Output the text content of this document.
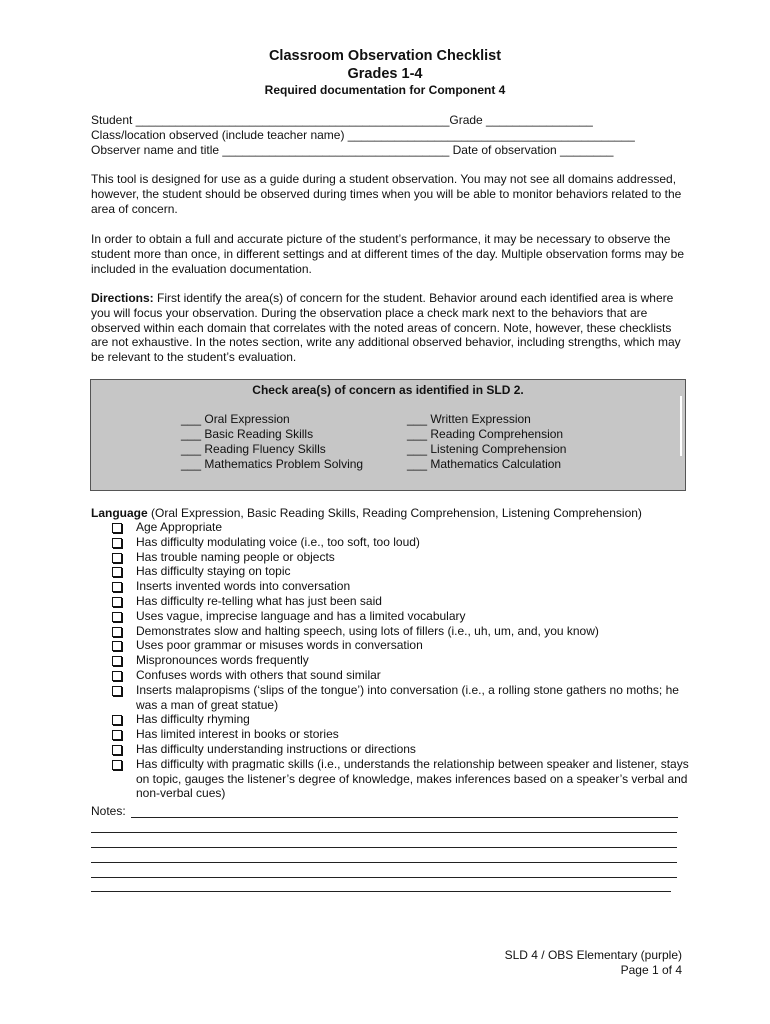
Classroom Observation Checklist
Grades 1-4
Required documentation for Component 4
Student _______________________________________________Grade ________________
Class/location observed (include teacher name) ___________________________________________
Observer name and title __________________________________ Date of observation ________
This tool is designed for use as a guide during a student observation. You may not see all domains addressed, however, the student should be observed during times when you will be able to monitor behaviors related to the area of concern.
In order to obtain a full and accurate picture of the student’s performance, it may be necessary to observe the student more than once, in different settings and at different times of the day. Multiple observation forms may be included in the evaluation documentation.
Directions: First identify the area(s) of concern for the student. Behavior around each identified area is where you will focus your observation. During the observation place a check mark next to the behaviors that are observed within each domain that correlates with the noted areas of concern. Note, however, these checklists are not exhaustive. In the notes section, write any additional observed behavior, including strengths, which may be relevant to the student’s evaluation.
Check area(s) of concern as identified in SLD 2.
___ Oral Expression
___ Basic Reading Skills
___ Reading Fluency Skills
___ Mathematics Problem Solving
___ Written Expression
___ Reading Comprehension
___ Listening Comprehension
___ Mathematics Calculation
Language (Oral Expression, Basic Reading Skills, Reading Comprehension, Listening Comprehension)
Age Appropriate
Has difficulty modulating voice (i.e., too soft, too loud)
Has trouble naming people or objects
Has difficulty staying on topic
Inserts invented words into conversation
Has difficulty re-telling what has just been said
Uses vague, imprecise language and has a limited vocabulary
Demonstrates slow and halting speech, using lots of fillers (i.e., uh, um, and, you know)
Uses poor grammar or misuses words in conversation
Mispronounces words frequently
Confuses words with others that sound similar
Inserts malapropisms (‘slips of the tongue’) into conversation (i.e., a rolling stone gathers no moths; he was a man of great statue)
Has difficulty rhyming
Has limited interest in books or stories
Has difficulty understanding instructions or directions
Has difficulty with pragmatic skills (i.e., understands the relationship between speaker and listener, stays on topic, gauges the listener’s degree of knowledge, makes inferences based on a speaker’s verbal and non-verbal cues)
Notes:
SLD 4 / OBS Elementary (purple)
Page 1 of 4
